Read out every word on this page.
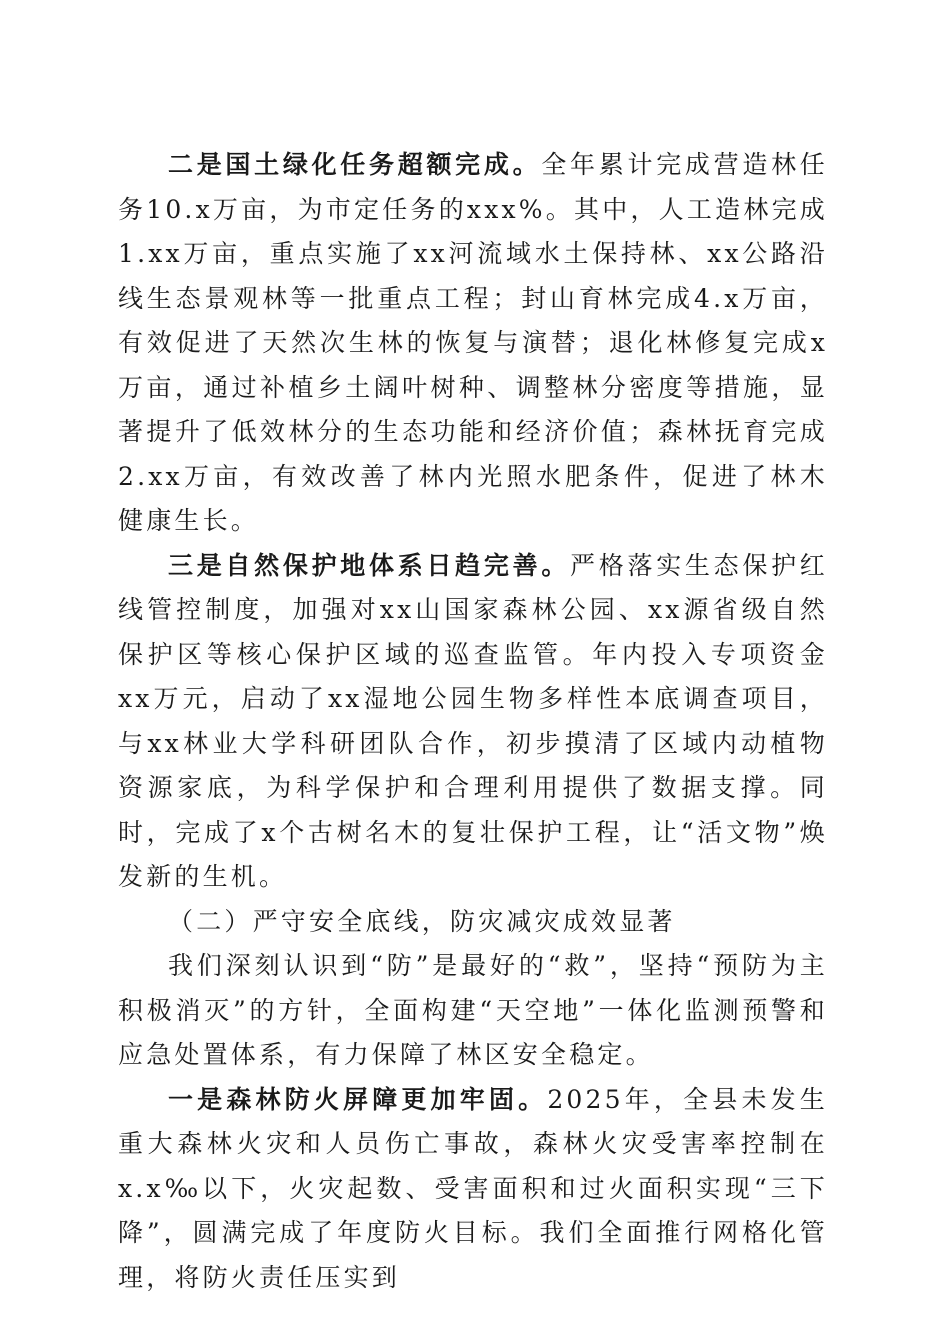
二是国土绿化任务超额完成。全年累计完成营造林任务10.x万亩，为市定任务的xxx%。其中，人工造林完成1.xx万亩，重点实施了xx河流域水土保持林、xx公路沿线生态景观林等一批重点工程；封山育林完成4.x万亩，有效促进了天然次生林的恢复与演替；退化林修复完成x万亩，通过补植乡土阔叶树种、调整林分密度等措施，显著提升了低效林分的生态功能和经济价值；森林抚育完成2.xx万亩，有效改善了林内光照水肥条件，促进了林木健康生长。

三是自然保护地体系日趋完善。严格落实生态保护红线管控制度，加强对xx山国家森林公园、xx源省级自然保护区等核心保护区域的巡查监管。年内投入专项资金xx万元，启动了xx湿地公园生物多样性本底调查项目，与xx林业大学科研团队合作，初步摸清了区域内动植物资源家底，为科学保护和合理利用提供了数据支撑。同时，完成了x个古树名木的复壮保护工程，让“活文物”焕发新的生机。

（二）严守安全底线，防灾减灾成效显著

我们深刻认识到“防”是最好的“救”，坚持“预防为主积极消灭”的方针，全面构建“天空地”一体化监测预警和应急处置体系，有力保障了林区安全稳定。

一是森林防火屏障更加牢固。2025年，全县未发生重大森林火灾和人员伤亡事故，森林火灾受害率控制在x.x‰以下，火灾起数、受害面积和过火面积实现“三下降”，圆满完成了年度防火目标。我们全面推行网格化管理，将防火责任压实到
